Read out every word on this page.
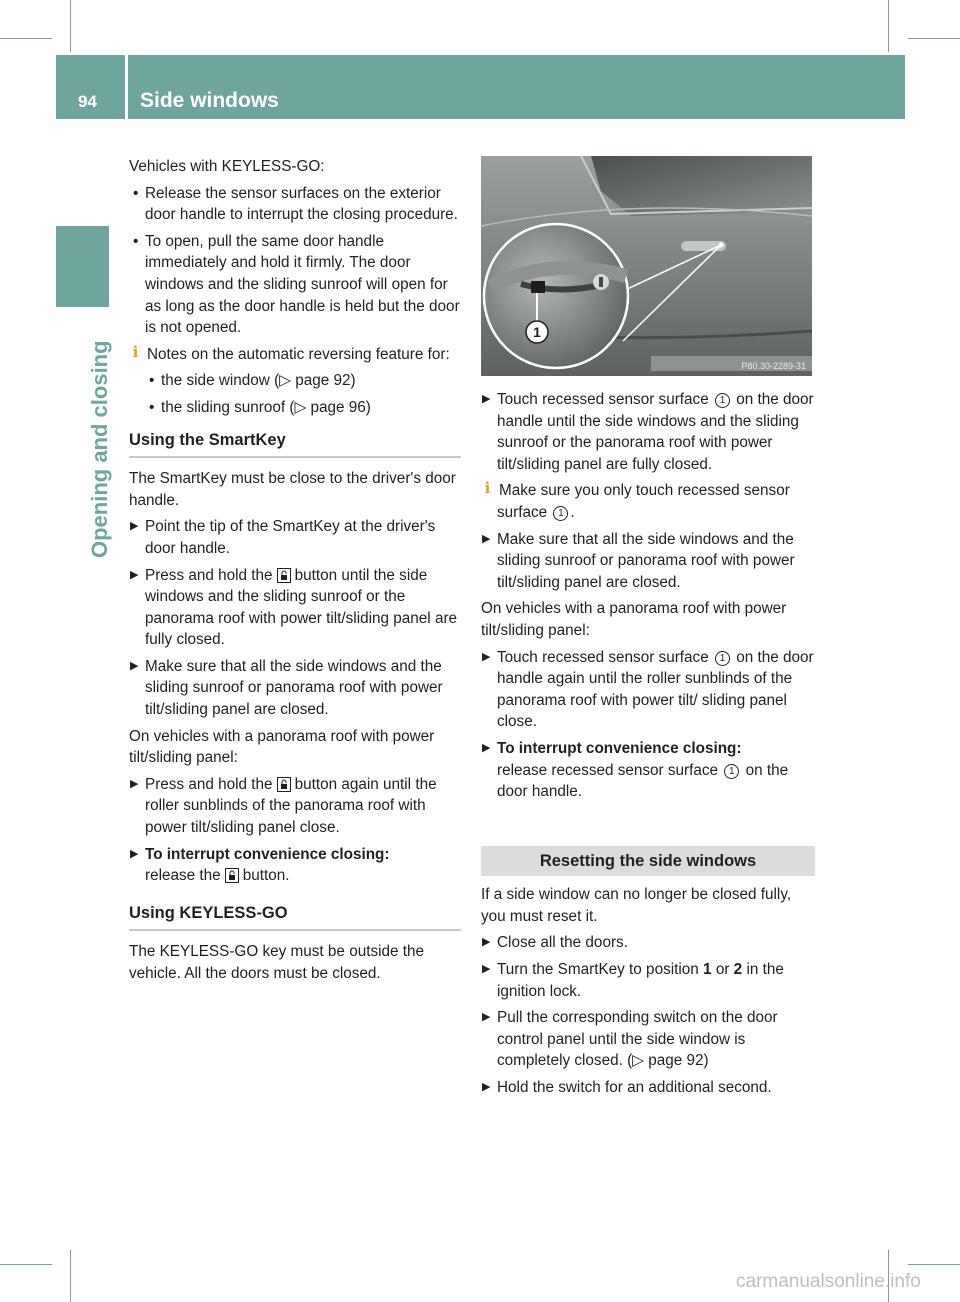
94 Side windows
Opening and closing

Vehicles with KEYLESS-GO:

• Release the sensor surfaces on the exterior door handle to interrupt the closing procedure.

• To open, pull the same door handle immediately and hold it firmly. The door windows and the sliding sunroof will open for as long as the door handle is held but the door is not opened.

i Notes on the automatic reversing feature for:

• the side window (▷ page 92)

• the sliding sunroof (▷ page 96)

Using the SmartKey

The SmartKey must be close to the driver's door handle.

▶ Point the tip of the SmartKey at the driver's door handle.
▶ Press and hold the button until the side windows and the sliding sunroof or the panorama roof with power tilt/sliding panel are fully closed.
▶ Make sure that all the side windows and the sliding sunroof or panorama roof with power tilt/sliding panel are closed.

On vehicles with a panorama roof with power tilt/sliding panel:

▶ Press and hold the button again until the roller sunblinds of the panorama roof with power tilt/sliding panel close.
▶ To interrupt convenience closing:
release the button.

Using KEYLESS-GO

The KEYLESS-GO key must be outside the vehicle. All the doors must be closed.

1
P80.30-2289-31
▶ Touch recessed sensor surface 1 on the door handle until the side windows and the sliding sunroof or the panorama roof with power tilt/sliding panel are fully closed.
i Make sure you only touch recessed sensor surface 1 .
▶ Make sure that all the side windows and the sliding sunroof or panorama roof with power tilt/sliding panel are closed.

On vehicles with a panorama roof with power tilt/sliding panel:

▶ Touch recessed sensor surface 1 on the door handle again until the roller sunblinds of the panorama roof with power tilt/ sliding panel close.
▶ To interrupt convenience closing:
release recessed sensor surface 1 on the door handle.

Resetting the side windows

If a side window can no longer be closed fully, you must reset it.

▶ Close all the doors.
▶ Turn the SmartKey to position 1 or 2 in the ignition lock.
▶ Pull the corresponding switch on the door control panel until the side window is completely closed. (▷ page 92)
▶ Hold the switch for an additional second.
carmanualsonline.info
